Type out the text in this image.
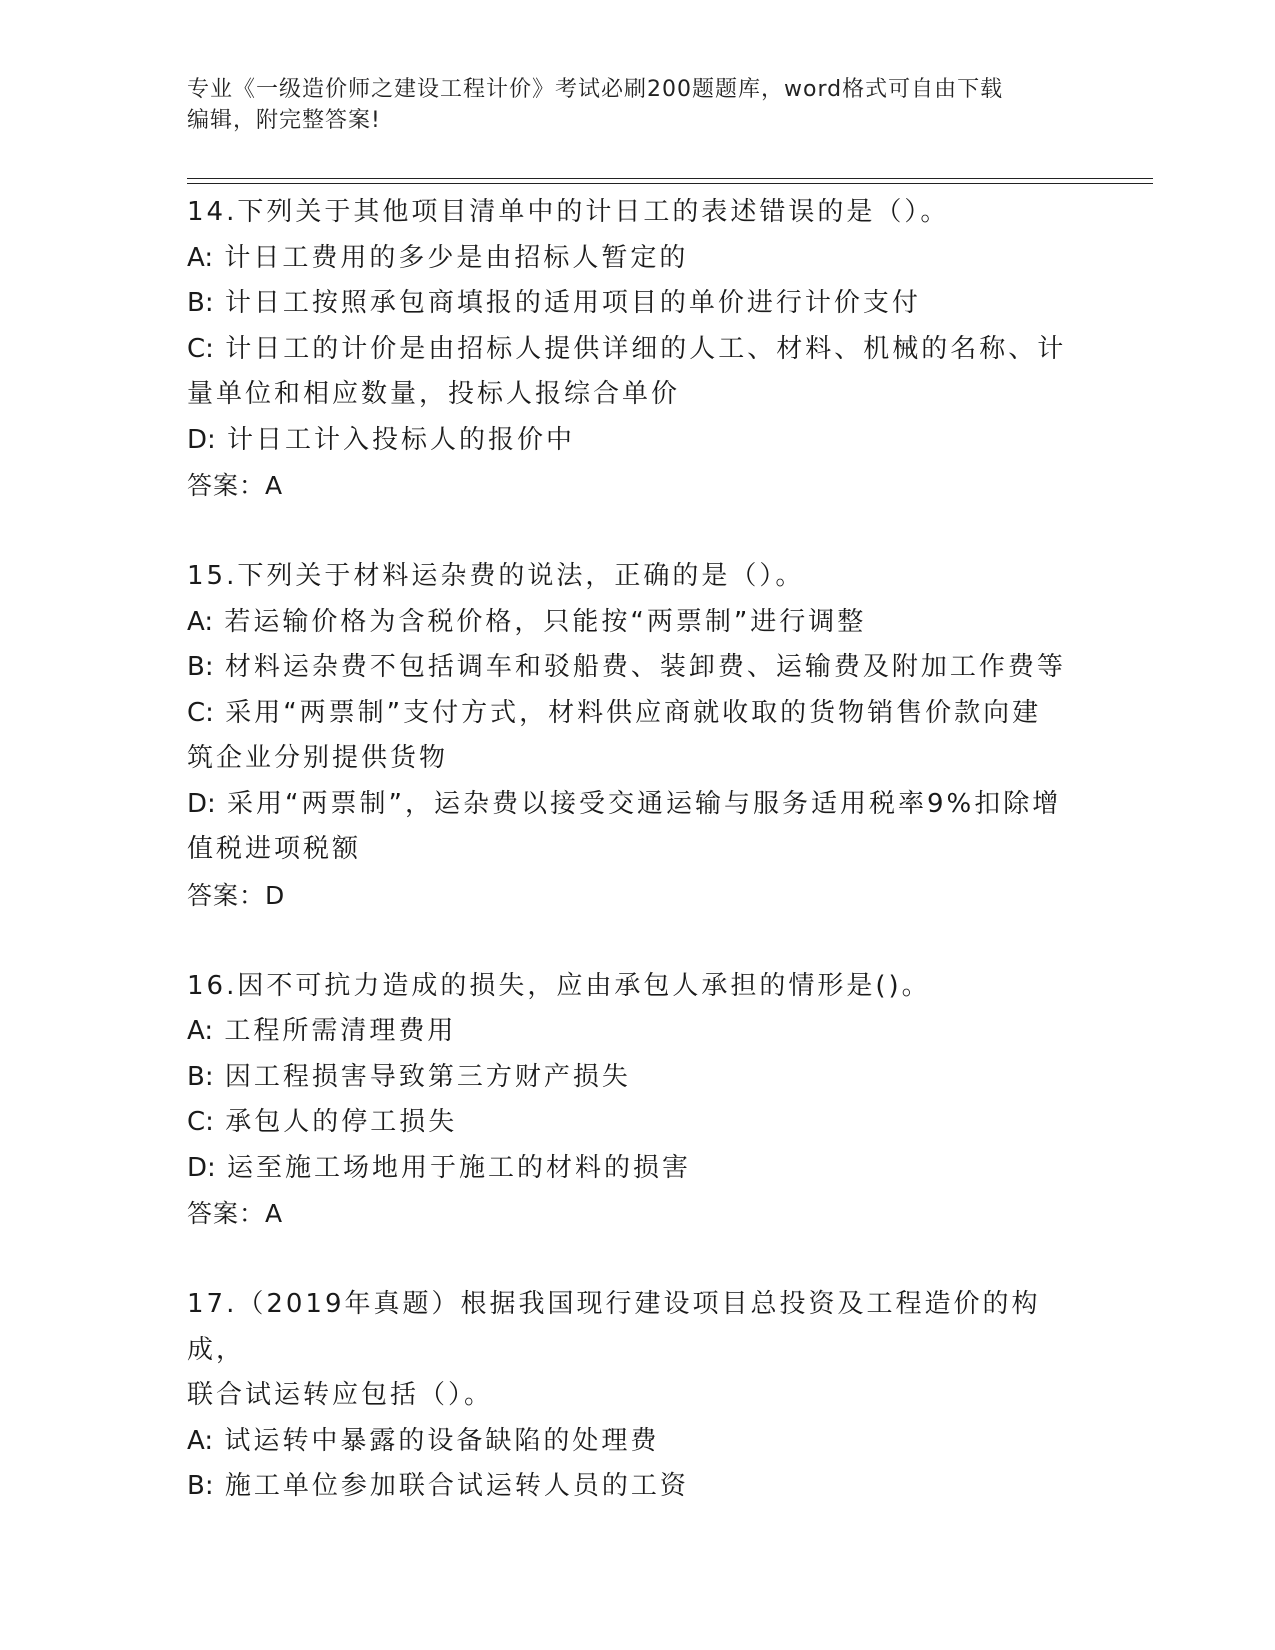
专业《一级造价师之建设工程计价》考试必刷200题题库，word格式可自由下载
编辑，附完整答案!
14.下列关于其他项目清单中的计日工的表述错误的是（）。
A: 计日工费用的多少是由招标人暂定的
B: 计日工按照承包商填报的适用项目的单价进行计价支付
C: 计日工的计价是由招标人提供详细的人工、材料、机械的名称、计
量单位和相应数量，投标人报综合单价
D: 计日工计入投标人的报价中
答案：A
15.下列关于材料运杂费的说法，正确的是（）。
A: 若运输价格为含税价格，只能按“两票制”进行调整
B: 材料运杂费不包括调车和驳船费、装卸费、运输费及附加工作费等
C: 采用“两票制”支付方式，材料供应商就收取的货物销售价款向建
筑企业分别提供货物
D: 采用“两票制”，运杂费以接受交通运输与服务适用税率9%扣除增
值税进项税额
答案：D
16.因不可抗力造成的损失，应由承包人承担的情形是()。
A: 工程所需清理费用
B: 因工程损害导致第三方财产损失
C: 承包人的停工损失
D: 运至施工场地用于施工的材料的损害
答案：A
17.（2019年真题）根据我国现行建设项目总投资及工程造价的构成，
联合试运转应包括（）。
A: 试运转中暴露的设备缺陷的处理费
B: 施工单位参加联合试运转人员的工资
